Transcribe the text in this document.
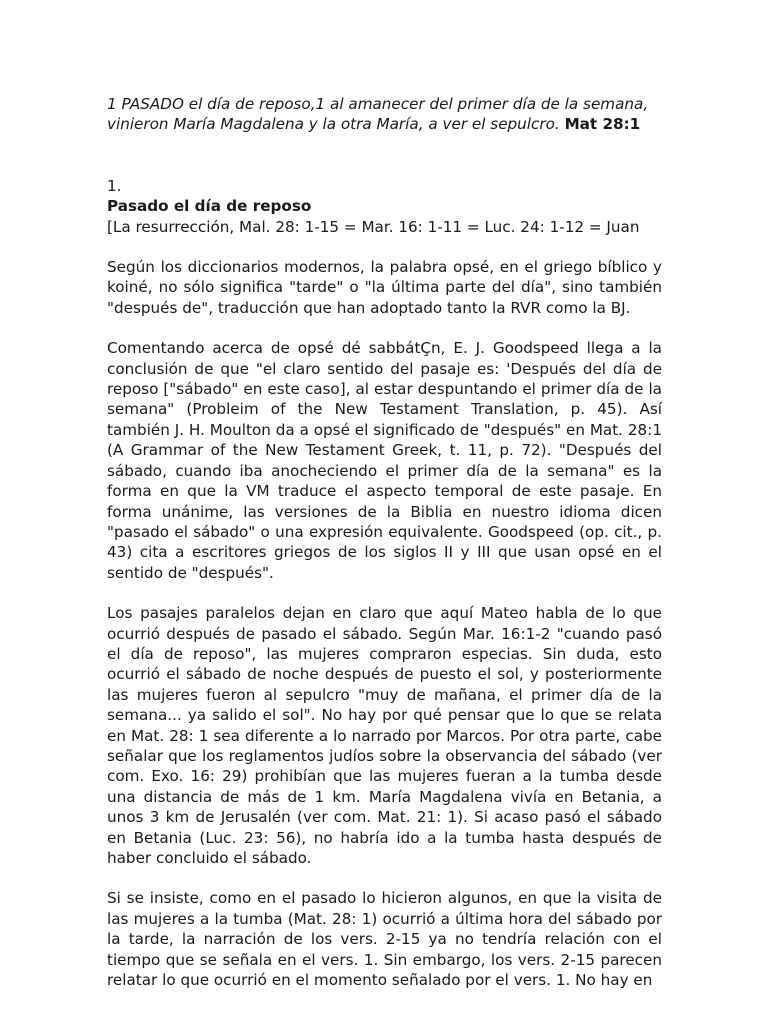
1 PASADO el día de reposo,1 al amanecer del primer día de la semana, vinieron María Magdalena y la otra María, a ver el sepulcro. Mat 28:1

1.

Pasado el día de reposo

[La resurrección, Mal. 28: 1-15 = Mar. 16: 1-11 = Luc. 24: 1-12 = Juan

Según los diccionarios modernos, la palabra opsé, en el griego bíblico y koiné, no sólo significa "tarde" o "la última parte del día", sino también "después de", traducción que han adoptado tanto la RVR como la BJ.

Comentando acerca de opsé dé sabbátÇn, E. J. Goodspeed llega a la conclusión de que "el claro sentido del pasaje es: 'Después del día de reposo ["sábado" en este caso], al estar despuntando el primer día de la semana" (Probleim of the New Testament Translation, p. 45). Así también J. H. Moulton da a opsé el significado de "después" en Mat. 28:1 (A Grammar of the New Testament Greek, t. 11, p. 72). "Después del sábado, cuando iba anocheciendo el primer día de la semana" es la forma en que la VM traduce el aspecto temporal de este pasaje. En forma unánime, las versiones de la Biblia en nuestro idioma dicen "pasado el sábado" o una expresión equivalente. Goodspeed (op. cit., p. 43) cita a escritores griegos de los siglos II y III que usan opsé en el sentido de "después".

Los pasajes paralelos dejan en claro que aquí Mateo habla de lo que ocurrió después de pasado el sábado. Según Mar. 16:1-2 "cuando pasó el día de reposo", las mujeres compraron especias. Sin duda, esto ocurrió el sábado de noche después de puesto el sol, y posteriormente las mujeres fueron al sepulcro "muy de mañana, el primer día de la semana... ya salido el sol". No hay por qué pensar que lo que se relata en Mat. 28: 1 sea diferente a lo narrado por Marcos. Por otra parte, cabe señalar que los reglamentos judíos sobre la observancia del sábado (ver com. Exo. 16: 29) prohibían que las mujeres fueran a la tumba desde una distancia de más de 1 km. María Magdalena vivía en Betania, a unos 3 km de Jerusalén (ver com. Mat. 21: 1). Si acaso pasó el sábado en Betania (Luc. 23: 56), no habría ido a la tumba hasta después de haber concluido el sábado.

Si se insiste, como en el pasado lo hicieron algunos, en que la visita de las mujeres a la tumba (Mat. 28: 1) ocurrió a última hora del sábado por la tarde, la narración de los vers. 2-15 ya no tendría relación con el tiempo que se señala en el vers. 1. Sin embargo, los vers. 2-15 parecen relatar lo que ocurrió en el momento señalado por el vers. 1. No hay en
